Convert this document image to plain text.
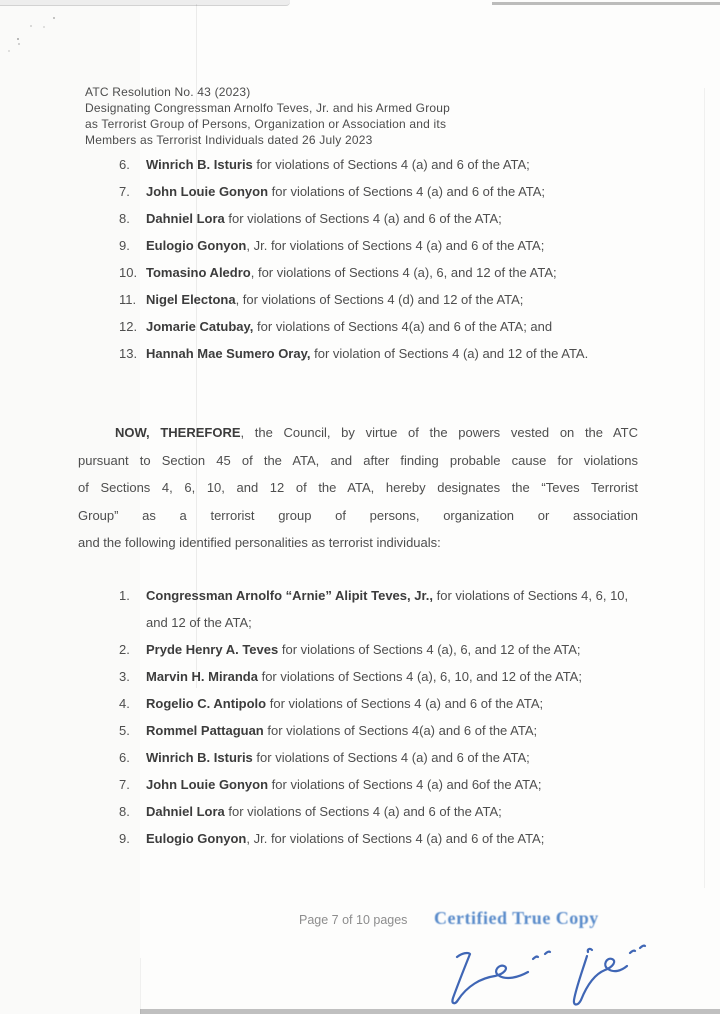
ATC Resolution No. 43 (2023)
Designating Congressman Arnolfo Teves, Jr. and his Armed Group
as Terrorist Group of Persons, Organization or Association and its
Members as Terrorist Individuals dated 26 July 2023
6.	Winrich B. Isturis for violations of Sections 4 (a) and 6 of the ATA;
7.	John Louie Gonyon for violations of Sections 4 (a) and 6 of the ATA;
8.	Dahniel Lora for violations of Sections 4 (a) and 6 of the ATA;
9.	Eulogio Gonyon, Jr. for violations of Sections 4 (a) and 6 of the ATA;
10. Tomasino Aledro, for violations of Sections 4 (a), 6, and 12 of the ATA;
11. Nigel Electona, for violations of Sections 4 (d) and 12 of the ATA;
12. Jomarie Catubay, for violations of Sections 4(a) and 6 of the ATA; and
13. Hannah Mae Sumero Oray, for violation of Sections 4 (a) and 12 of the ATA.
NOW, THEREFORE, the Council, by virtue of the powers vested on the ATC
pursuant to Section 45 of the ATA, and after finding probable cause for violations
of Sections 4, 6, 10, and 12 of the ATA, hereby designates the “Teves Terrorist
Group” as a terrorist group of persons, organization or association
and the following identified personalities as terrorist individuals:
1.	Congressman Arnolfo “Arnie” Alipit Teves, Jr., for violations of Sections 4, 6, 10, and 12 of the ATA;
2.	Pryde Henry A. Teves for violations of Sections 4 (a), 6, and 12 of the ATA;
3.	Marvin H. Miranda for violations of Sections 4 (a), 6, 10, and 12 of the ATA;
4.	Rogelio C. Antipolo for violations of Sections 4 (a) and 6 of the ATA;
5.	Rommel Pattaguan for violations of Sections 4(a) and 6 of the ATA;
6.	Winrich B. Isturis for violations of Sections 4 (a) and 6 of the ATA;
7.	John Louie Gonyon for violations of Sections 4 (a) and 6of the ATA;
8.	Dahniel Lora for violations of Sections 4 (a) and 6 of the ATA;
9.	Eulogio Gonyon, Jr. for violations of Sections 4 (a) and 6 of the ATA;
Page 7 of 10 pages Certified True Copy
